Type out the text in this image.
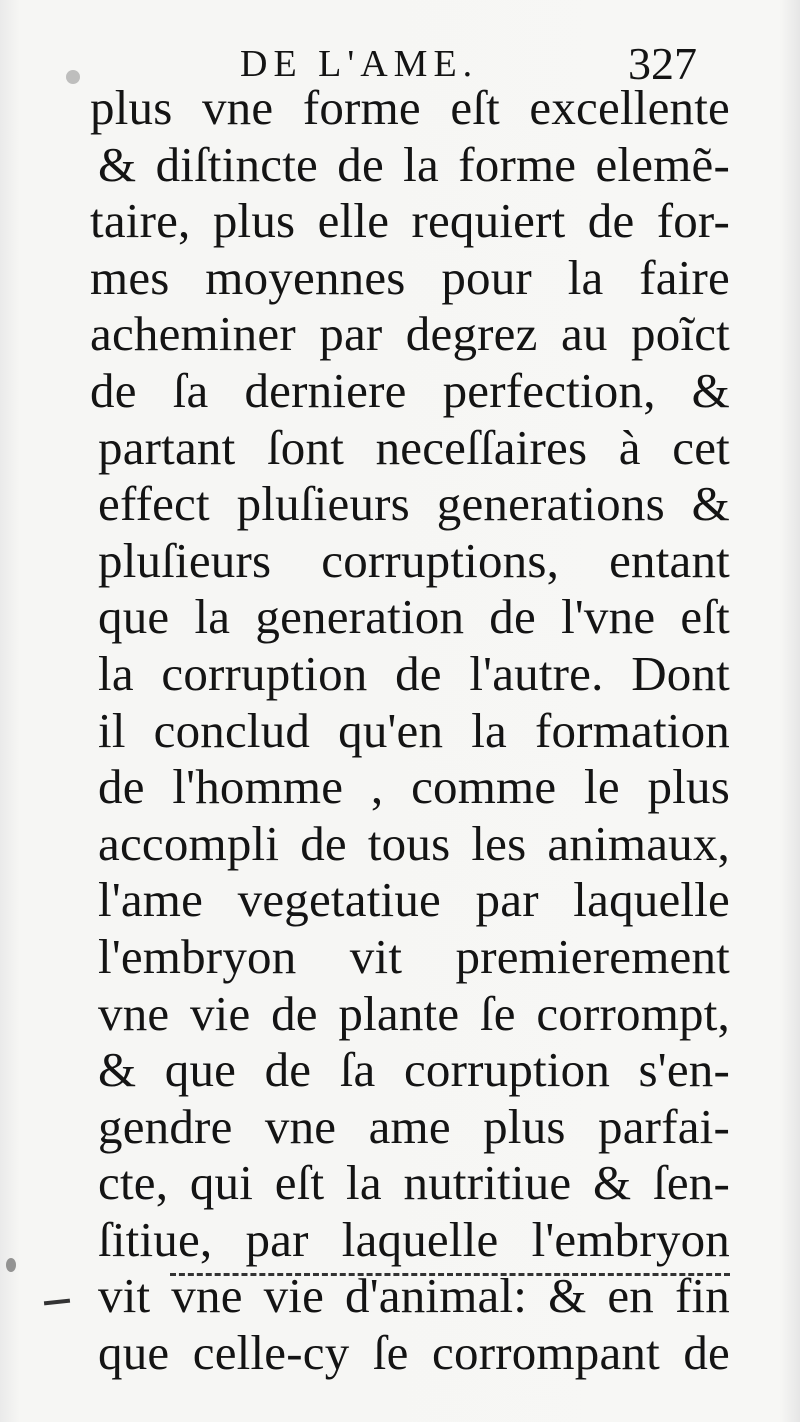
DE L'AME.	327
plus vne forme eſt excellente
& diſtincte de la forme elemẽ-
taire, plus elle requiert de for-
mes moyennes pour la faire
acheminer par degrez au poĩct
de ſa derniere perfection, &
partant ſont neceſſaires à cet
effect pluſieurs generations &
pluſieurs corruptions, entant
que la generation de l'vne eſt
la corruption de l'autre. Dont
il conclud qu'en la formation
de l'homme , comme le plus
accompli de tous les animaux,
l'ame vegetatiue par laquelle
l'embryon vit premierement
vne vie de plante ſe corrompt,
& que de ſa corruption s'en-
gendre vne ame plus parfai-
cte, qui eſt la nutritiue & ſen-
ſitiue, par laquelle l'embryon
vit vne vie d'animal: & en fin
que celle-cy ſe corrompant de
